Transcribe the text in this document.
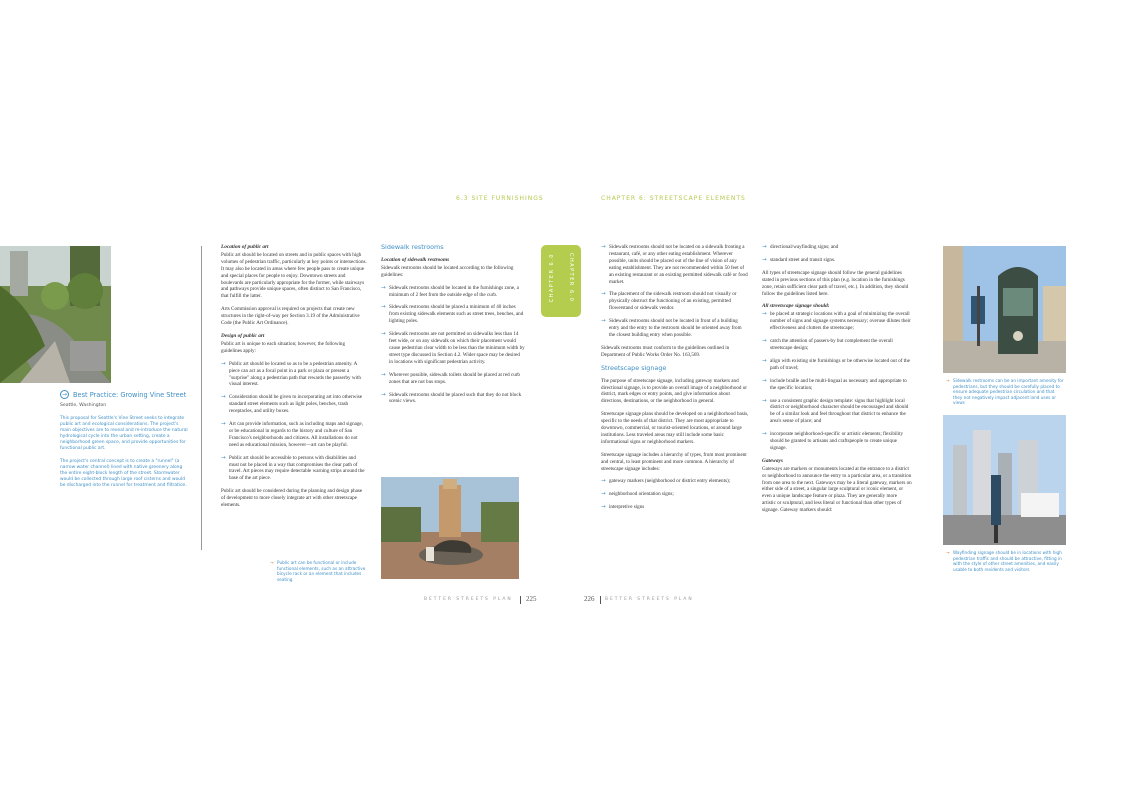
6.3 SITE FURNISHINGS	CHAPTER 6: STREETSCAPE ELEMENTS
→ Best Practice: Growing Vine Street
Seattle, Washington
This proposal for Seattle's Vine Street seeks to integrate public art and ecological considerations. The project's main objectives are to reveal and re-introduce the natural hydrological cycle into the urban setting, create a neighborhood green space, and provide opportunities for functional public art.
The project's central concept is to create a "runnel" (a narrow water channel) lined with native greenery along the entire eight-block length of the street. Stormwater would be collected through large roof cisterns and would be discharged into the runnel for treatment and filtration.
Location of public art

Public art should be located on streets and in public spaces with high volumes of pedestrian traffic, particularly at key points or intersections. It may also be located in areas where few people pass to create unique and special places for people to enjoy. Downtown streets and boulevards are particularly appropriate for the former, while stairways and pathways provide unique spaces, often distinct to San Francisco, that fulfill the latter.

Arts Commission approval is required on projects that create new structures in the right-of-way per Section 3.19 of the Administrative Code (the Public Art Ordinance).

Design of public art

Public art is unique to each situation; however, the following guidelines apply:

→ Public art should be located so as to be a pedestrian amenity. A piece can act as a focal point in a park or plaza or present a "surprise" along a pedestrian path that rewards the passerby with visual interest.
→ Consideration should be given to incorporating art into otherwise standard street elements such as light poles, benches, trash receptacles, and utility boxes.
→ Art can provide information, such as including maps and signage, or be educational in regards to the history and culture of San Francisco's neighborhoods and citizens. All installations do not need as educational mission, however—art can be playful.
→ Public art should be accessible to persons with disabilities and must not be placed in a way that compromises the clear path of travel. Art pieces may require detectable warning strips around the base of the art piece.

Public art should be considered during the planning and design phase of development to more closely integrate art with other streetscape elements.

Sidewalk restrooms
Location of sidewalk restrooms

Sidewalk restrooms should be located according to the following guidelines:

→ Sidewalk restrooms should be located in the furnishings zone, a minimum of 2 feet from the outside edge of the curb.
→ Sidewalk restrooms should be placed a minimum of 40 inches from existing sidewalk elements such as street trees, benches, and lighting poles.
→ Sidewalk restrooms are not permitted on sidewalks less than 14 feet wide, or on any sidewalk on which their placement would cause pedestrian clear width to be less than the minimum width by street type discussed in Section 4.2. Wider space may be desired in locations with significant pedestrian activity.
→ Wherever possible, sidewalk toilets should be placed at red curb zones that are not bus stops.
→ Sidewalk restrooms should be placed such that they do not block scenic views.
→ Public art can be functional or include functional elements, such as an attractive bicycle rack or an element that includes seating
CHAPTER 6.0	CHAPTER 6.0
→ Sidewalk restrooms should not be located on a sidewalk fronting a restaurant, café, or any other eating establishment. Wherever possible, units should be placed out of the line of vision of any eating establishment. They are not recommended within 50 feet of an existing restaurant or an existing permitted sidewalk café or food market.
→ The placement of the sidewalk restroom should not visually or physically obstruct the functioning of an existing, permitted flowerstand or sidewalk vendor.
→ Sidewalk restrooms should not be located in front of a building entry and the entry to the restroom should be oriented away from the closest building entry when possible.

Sidewalk restrooms must conform to the guidelines outlined in Department of Public Works Order No. 163,569.

Streetscape signage

The purpose of streetscape signage, including gateway markers and directional signage, is to provide an overall image of a neighborhood or district, mark edges or entry points, and give information about directions, destinations, or the neighborhood in general.

Streetscape signage plans should be developed on a neighborhood basis, specific to the needs of that district. They are most appropriate to downtown, commercial, or tourist-oriented locations, or around large institutions. Less traveled areas may still include some basic informational signs or neighborhood markers.

Streetscape signage includes a hierarchy of types, from most prominent and central, to least prominent and more common. A hierarchy of streetscape signage includes:

→ gateway markers (neighborhood or district entry elements);
→ neighborhood orientation signs;
→ interpretive signs
→ directional/wayfinding signs; and
→ standard street and transit signs.

All types of streetscape signage should follow the general guidelines stated in previous sections of this plan (e.g. location in the furnishings zone, retain sufficient clear path of travel, etc.). In addition, they should follow the guidelines listed here.

All streetscape signage should:
→ be placed at strategic locations with a goal of minimizing the overall number of signs and signage systems necessary; overuse dilutes their effectiveness and clutters the streetscape;
→ catch the attention of passers-by but complement the overall streetscape design;
→ align with existing site furnishings or be otherwise located out of the path of travel;
→ include braille and be multi-lingual as necessary and appropriate to the specific location;
→ use a consistent graphic design template: signs that highlight local district or neighborhood character should be encouraged and should be of a similar look and feel throughout that district to enhance the area's sense of place; and
→ incorporate neighborhood-specific or artistic elements; flexibility should be granted to artisans and craftspeople to create unique signage.
Gateways

Gateways are markers or monuments located at the entrance to a district or neighborhood to announce the entry to a particular area, or a transition from one area to the next. Gateways may be a literal gateway, markers on either side of a street, a singular large sculptural or iconic element, or even a unique landscape feature or plaza. They are generally more artistic or sculptural, and less literal or functional than other types of signage. Gateway markers should:

→ Sidewalk restrooms can be an important amenity for pedestrians, but they should be carefully placed to ensure adequate pedestrian circulation and that they not negatively impact adjacent land uses or views
→ Wayfinding signage should be in locations with high pedestrian traffic and should be attractive, fitting in with the style of other street amenities, and easily usable to both residents and visitors
BETTER STREETS PLAN 225	226 BETTER STREETS PLAN
